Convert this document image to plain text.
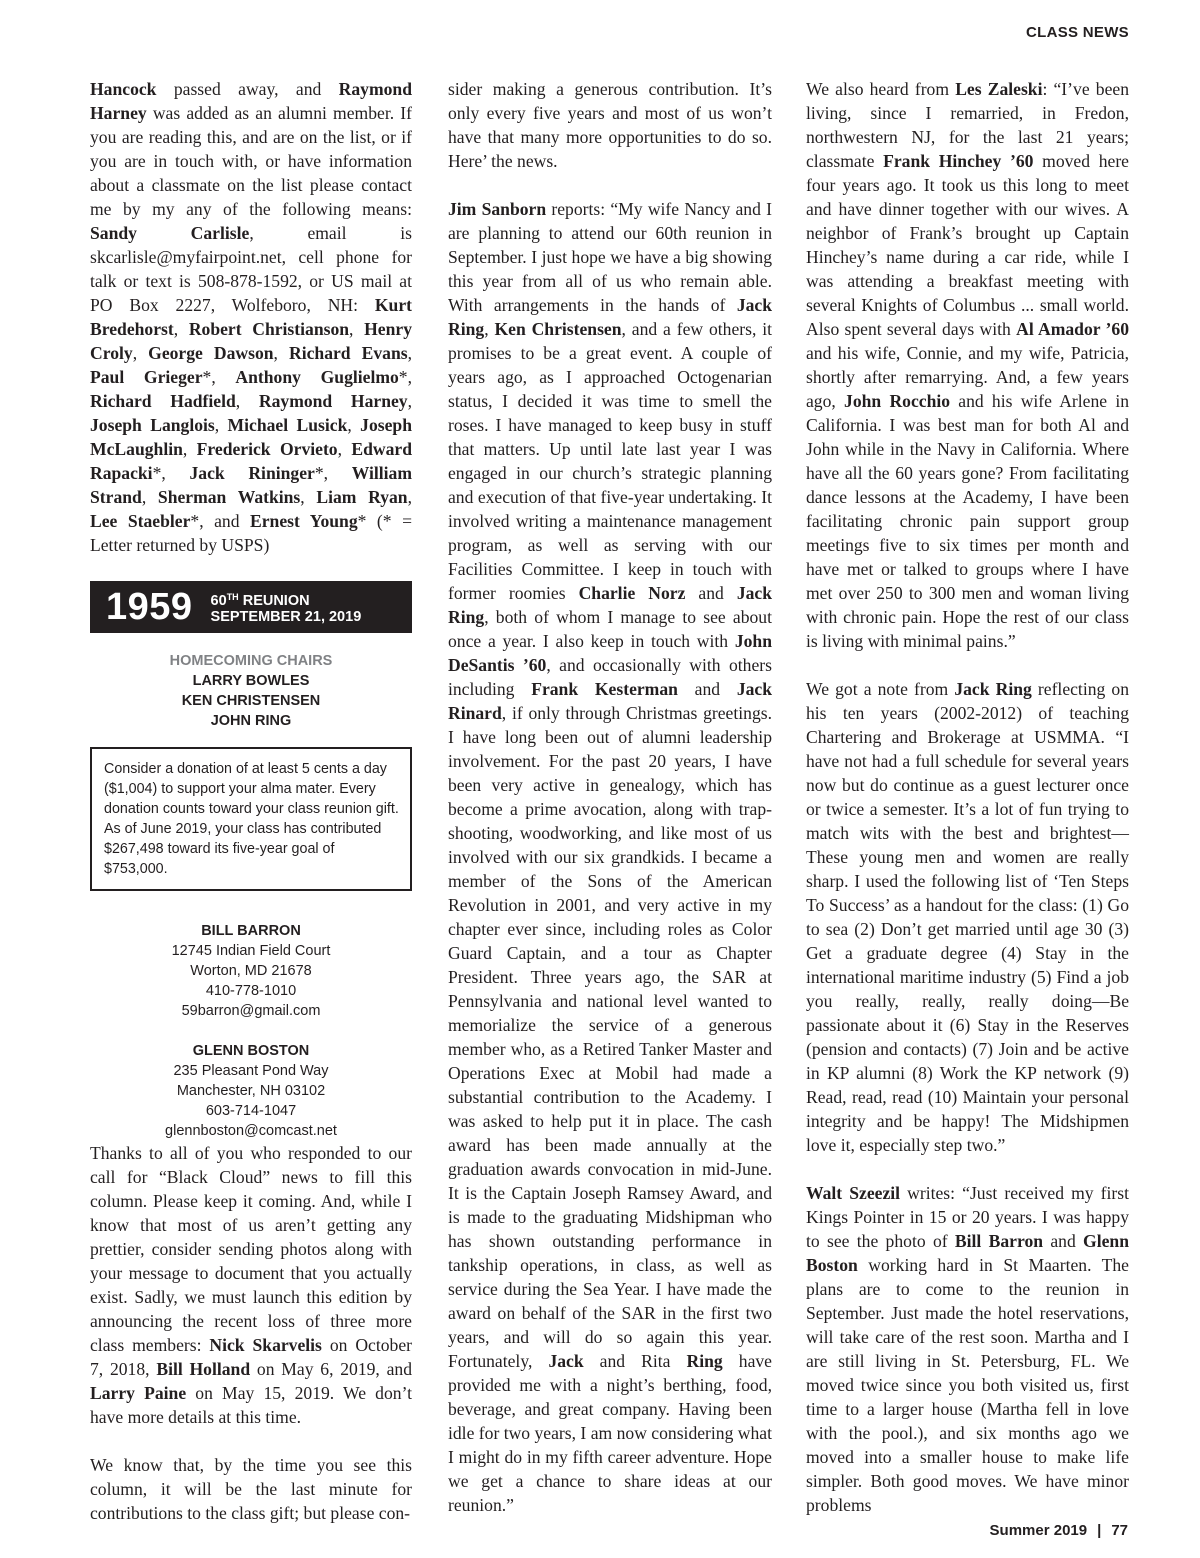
CLASS NEWS

Hancock passed away, and Raymond Harney was added as an alumni member. If you are reading this, and are on the list, or if you are in touch with, or have information about a classmate on the list please contact me by my any of the following means: Sandy Carlisle, email is skcarlisle@myfairpoint.net, cell phone for talk or text is 508-878-1592, or US mail at PO Box 2227, Wolfeboro, NH: Kurt Bredehorst, Robert Christianson, Henry Croly, George Dawson, Richard Evans, Paul Grieger*, Anthony Guglielmo*, Richard Hadfield, Raymond Harney, Joseph Langlois, Michael Lusick, Joseph McLaughlin, Frederick Orvieto, Edward Rapacki*, Jack Rininger*, William Strand, Sherman Watkins, Liam Ryan, Lee Staebler*, and Ernest Young* (* = Letter returned by USPS)

1959 60TH REUNION
SEPTEMBER 21, 2019
HOMECOMING CHAIRS
LARRY BOWLES
KEN CHRISTENSEN
JOHN RING
Consider a donation of at least 5 cents a day ($1,004) to support your alma mater. Every donation counts toward your class reunion gift. As of June 2019, your class has contributed $267,498 toward its five-year goal of $753,000.
BILL BARRON
12745 Indian Field Court
Worton, MD 21678
410-778-1010
59barron@gmail.com
GLENN BOSTON
235 Pleasant Pond Way
Manchester, NH 03102
603-714-1047
glennboston@comcast.net

Thanks to all of you who responded to our call for “Black Cloud” news to fill this column. Please keep it coming. And, while I know that most of us aren’t getting any prettier, consider sending photos along with your message to document that you actually exist. Sadly, we must launch this edition by announcing the recent loss of three more class members: Nick Skarvelis on October 7, 2018, Bill Holland on May 6, 2019, and Larry Paine on May 15, 2019. We don’t have more details at this time.

We know that, by the time you see this column, it will be the last minute for contributions to the class gift; but please con-

sider making a generous contribution. It’s only every five years and most of us won’t have that many more opportunities to do so. Here’ the news.

Jim Sanborn reports: “My wife Nancy and I are planning to attend our 60th reunion in September. I just hope we have a big showing this year from all of us who remain able. With arrangements in the hands of Jack Ring, Ken Christensen, and a few others, it promises to be a great event. A couple of years ago, as I approached Octogenarian status, I decided it was time to smell the roses. I have managed to keep busy in stuff that matters. Up until late last year I was engaged in our church’s strategic planning and execution of that five-year undertaking. It involved writing a maintenance management program, as well as serving with our Facilities Committee. I keep in touch with former roomies Charlie Norz and Jack Ring, both of whom I manage to see about once a year. I also keep in touch with John DeSantis ’60, and occasionally with others including Frank Kesterman and Jack Rinard, if only through Christmas greetings. I have long been out of alumni leadership involvement. For the past 20 years, I have been very active in genealogy, which has become a prime avocation, along with trap-shooting, woodworking, and like most of us involved with our six grandkids. I became a member of the Sons of the American Revolution in 2001, and very active in my chapter ever since, including roles as Color Guard Captain, and a tour as Chapter President. Three years ago, the SAR at Pennsylvania and national level wanted to memorialize the service of a generous member who, as a Retired Tanker Master and Operations Exec at Mobil had made a substantial contribution to the Academy. I was asked to help put it in place. The cash award has been made annually at the graduation awards convocation in mid-June. It is the Captain Joseph Ramsey Award, and is made to the graduating Midshipman who has shown outstanding performance in tankship operations, in class, as well as service during the Sea Year. I have made the award on behalf of the SAR in the first two years, and will do so again this year. Fortunately, Jack and Rita Ring have provided me with a night’s berthing, food, beverage, and great company. Having been idle for two years, I am now considering what I might do in my fifth career adventure. Hope we get a chance to share ideas at our reunion.”

We also heard from Les Zaleski: “I’ve been living, since I remarried, in Fredon, northwestern NJ, for the last 21 years; classmate Frank Hinchey ’60 moved here four years ago. It took us this long to meet and have dinner together with our wives. A neighbor of Frank’s brought up Captain Hinchey’s name during a car ride, while I was attending a breakfast meeting with several Knights of Columbus ... small world. Also spent several days with Al Amador ’60 and his wife, Connie, and my wife, Patricia, shortly after remarrying. And, a few years ago, John Rocchio and his wife Arlene in California. I was best man for both Al and John while in the Navy in California. Where have all the 60 years gone? From facilitating dance lessons at the Academy, I have been facilitating chronic pain support group meetings five to six times per month and have met or talked to groups where I have met over 250 to 300 men and woman living with chronic pain. Hope the rest of our class is living with minimal pains.”

We got a note from Jack Ring reflecting on his ten years (2002-2012) of teaching Chartering and Brokerage at USMMA. “I have not had a full schedule for several years now but do continue as a guest lecturer once or twice a semester. It’s a lot of fun trying to match wits with the best and brightest—These young men and women are really sharp. I used the following list of ‘Ten Steps To Success’ as a handout for the class: (1) Go to sea (2) Don’t get married until age 30 (3) Get a graduate degree (4) Stay in the international maritime industry (5) Find a job you really, really, really doing—Be passionate about it (6) Stay in the Reserves (pension and contacts) (7) Join and be active in KP alumni (8) Work the KP network (9) Read, read, read (10) Maintain your personal integrity and be happy! The Midshipmen love it, especially step two.”

Walt Szeezil writes: “Just received my first Kings Pointer in 15 or 20 years. I was happy to see the photo of Bill Barron and Glenn Boston working hard in St Maarten. The plans are to come to the reunion in September. Just made the hotel reservations, will take care of the rest soon. Martha and I are still living in St. Petersburg, FL. We moved twice since you both visited us, first time to a larger house (Martha fell in love with the pool.), and six months ago we moved into a smaller house to make life simpler. Both good moves. We have minor problems

Summer 2019 | 77
